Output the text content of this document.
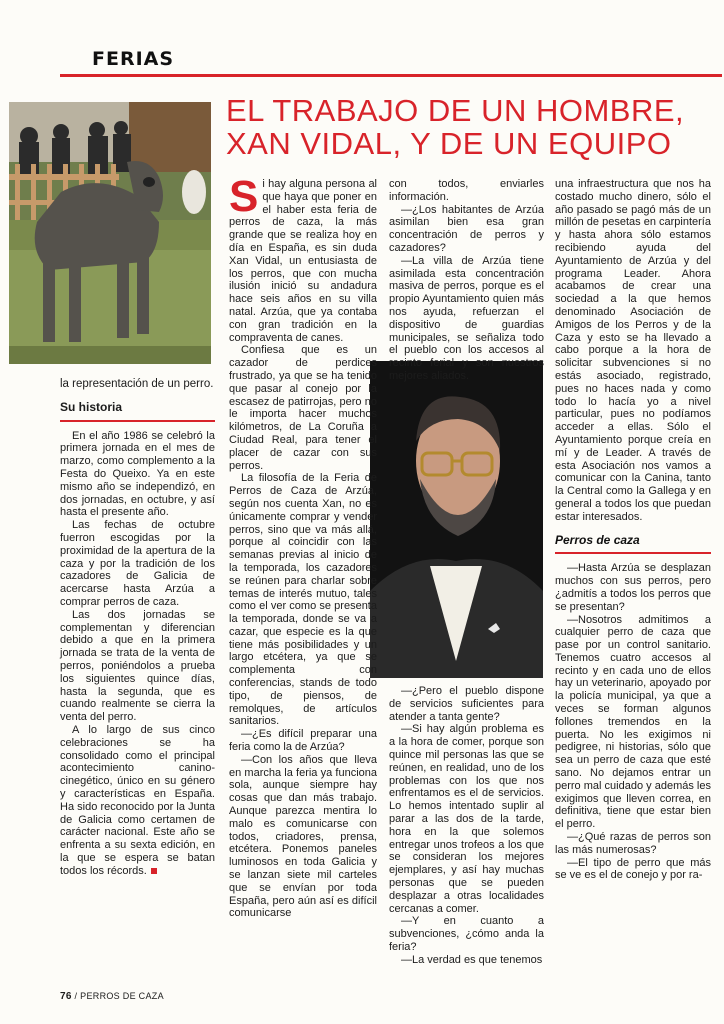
FERIAS
EL TRABAJO DE UN HOMBRE,
XAN VIDAL, Y DE UN EQUIPO

la representación de un perro.

Su historia

En el año 1986 se celebró la primera jornada en el mes de marzo, como complemento a la Festa do Queixo. Ya en este mismo año se independizó, en dos jornadas, en octubre, y así hasta el presente año.

Las fechas de octubre fuerron escogidas por la proximidad de la apertura de la caza y por la tradición de los cazadores de Galicia de acercarse hasta Arzúa a comprar perros de caza.

Las dos jornadas se complementan y diferencian debido a que en la primera jornada se trata de la venta de perros, poniéndolos a prueba los siguientes quince días, hasta la segunda, que es cuando realmente se cierra la venta del perro.

A lo largo de sus cinco celebraciones se ha consolidado como el principal acontecimiento canino-cinegético, único en su género y características en España. Ha sido reconocido por la Junta de Galicia como certamen de carácter nacional. Este año se enfrenta a su sexta edición, en la que se espera se batan todos los récords.

Si hay alguna persona al que haya que poner en el haber esta feria de perros de caza, la más grande que se realiza hoy en día en España, es sin duda Xan Vidal, un entusiasta de los perros, que con mucha ilusión inició su andadura hace seis años en su villa natal. Arzúa, que ya contaba con gran tradición en la compraventa de canes.

Confiesa que es un cazador de perdices frustrado, ya que se ha tenido que pasar al conejo por la escasez de patirrojas, pero no le importa hacer muchos kilómetros, de La Coruña a Ciudad Real, para tener el placer de cazar con sus perros.

La filosofía de la Feria de Perros de Caza de Arzúa, según nos cuenta Xan, no es únicamente comprar y vender perros, sino que va más allá, porque al coincidir con las semanas previas al inicio de la temporada, los cazadores se reúnen para charlar sobre temas de interés mutuo, tales como el ver como se presenta la temporada, donde se va a cazar, que especie es la que tiene más posibilidades y un largo etcétera, ya que se complementa con conferencias, stands de todo tipo, de piensos, de remolques, de artículos sanitarios.

—¿Es difícil preparar una feria como la de Arzúa?

—Con los años que lleva en marcha la feria ya funciona sola, aunque siempre hay cosas que dan más trabajo. Aunque parezca mentira lo malo es comunicarse con todos, criadores, prensa, etcétera. Ponemos paneles luminosos en toda Galicia y se lanzan siete mil carteles que se envían por toda España, pero aún así es difícil comunicarse

con todos, enviarles información.

—¿Los habitantes de Arzúa asimilan bien esa gran concentración de perros y cazadores?

—La villa de Arzúa tiene asimilada esta concentración masiva de perros, porque es el propio Ayuntamiento quien más nos ayuda, refuerzan el dispositivo de guardias municipales, se señaliza todo el pueblo con los accesos al recinto ferial y son nuestros mejores aliados.

—¿Pero el pueblo dispone de servicios suficientes para atender a tanta gente?

—Si hay algún problema es a la hora de comer, porque son quince mil personas las que se reúnen, en realidad, uno de los problemas con los que nos enfrentamos es el de servicios. Lo hemos intentado suplir al parar a las dos de la tarde, hora en la que solemos entregar unos trofeos a los que se consideran los mejores ejemplares, y así hay muchas personas que se pueden desplazar a otras localidades cercanas a comer.

—Y en cuanto a subvenciones, ¿cómo anda la feria?

—La verdad es que tenemos

una infraestructura que nos ha costado mucho dinero, sólo el año pasado se pagó más de un millón de pesetas en carpintería y hasta ahora sólo estamos recibiendo ayuda del Ayuntamiento de Arzúa y del programa Leader. Ahora acabamos de crear una sociedad a la que hemos denominado Asociación de Amigos de los Perros y de la Caza y esto se ha llevado a cabo porque a la hora de solicitar subvenciones si no estás asociado, registrado, pues no haces nada y como todo lo hacía yo a nivel particular, pues no podíamos acceder a ellas. Sólo el Ayuntamiento porque creía en mí y de Leader. A través de esta Asociación nos vamos a comunicar con la Canina, tanto la Central como la Gallega y en general a todos los que puedan estar interesados.

Perros de caza

—Hasta Arzúa se desplazan muchos con sus perros, pero ¿admitís a todos los perros que se presentan?

—Nosotros admitimos a cualquier perro de caza que pase por un control sanitario. Tenemos cuatro accesos al recinto y en cada uno de ellos hay un veterinario, apoyado por la policía municipal, ya que a veces se forman algunos follones tremendos en la puerta. No les exigimos ni pedigree, ni historias, sólo que sea un perro de caza que esté sano. No dejamos entrar un perro mal cuidado y además les exigimos que lleven correa, en definitiva, tiene que estar bien el perro.

—¿Qué razas de perros son las más numerosas?

—El tipo de perro que más se ve es el de conejo y por ra-

76 / PERROS DE CAZA
